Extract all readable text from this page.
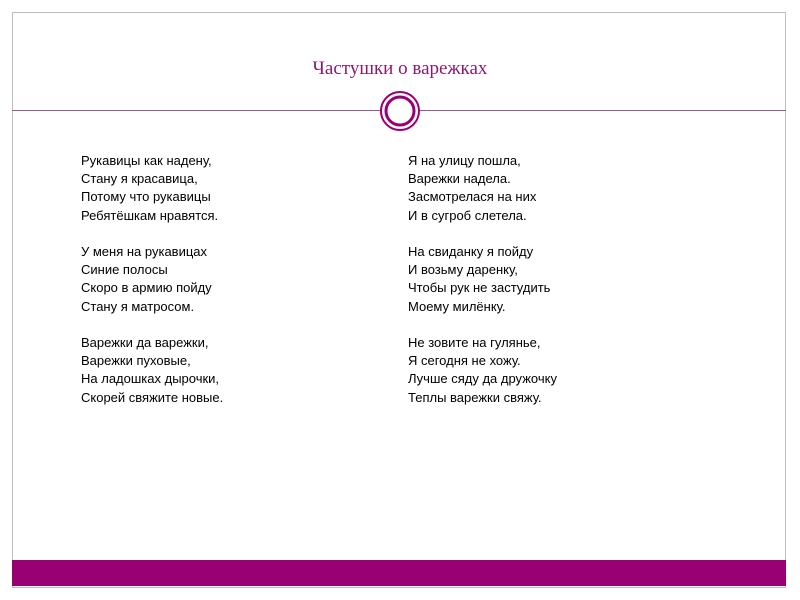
Частушки о варежках
Рукавицы как надену,
Стану я красавица,
Потому что рукавицы
Ребятёшкам нравятся.
У меня на рукавицах
Синие полосы
Скоро в армию пойду
Стану я матросом.
Варежки да варежки,
Варежки пуховые,
На ладошках дырочки,
Скорей свяжите новые.
Я на улицу пошла,
Варежки надела.
Засмотрелася на них
И в сугроб слетела.
На свиданку я пойду
И возьму даренку,
Чтобы рук не застудить
Моему милёнку.
Не зовите на гулянье,
Я сегодня не хожу.
Лучше сяду да дружочку
Теплы варежки свяжу.
